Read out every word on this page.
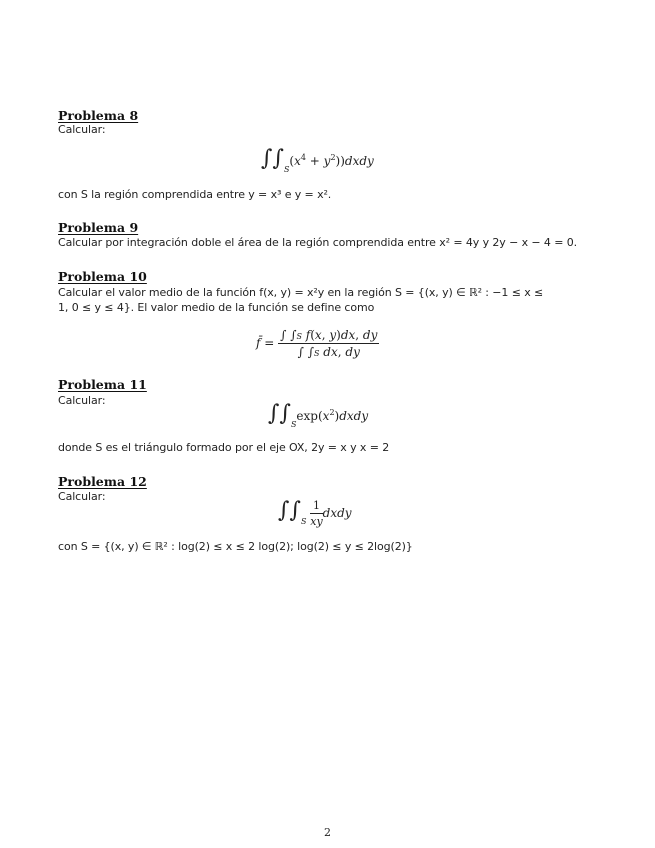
Problema 8
Calcular:
$\int\int_S(x^4$ + $y^2))dxdy$
con S la región comprendida entre y = x³ e y = x².
Problema 9
Calcular por integración doble el área de la región comprendida entre x² = 4y y 2y − x − 4 = 0.
Problema 10
Calcular el valor medio de la función f(x, y) = x²y en la región S = {(x, y) ∈ ℝ² : −1 ≤ x ≤
1, 0 ≤ y ≤ 4}. El valor medio de la función se define como
f̄ = $\frac{\text{∫ ∫S f(x, y)dx, dy}}{\text{∫ ∫S dx, dy}}$
Problema 11
Calcular:
$\int\int_S\exp(x^2)dxdy$
donde S es el triángulo formado por el eje OX, 2y = x y x = 2
Problema 12
Calcular:
$\int\int_S \frac{1}{xy}$ dxdy
con S = {(x, y) ∈ ℝ² : log(2) ≤ x ≤ 2 log(2); log(2) ≤ y ≤ 2log(2)}
2
